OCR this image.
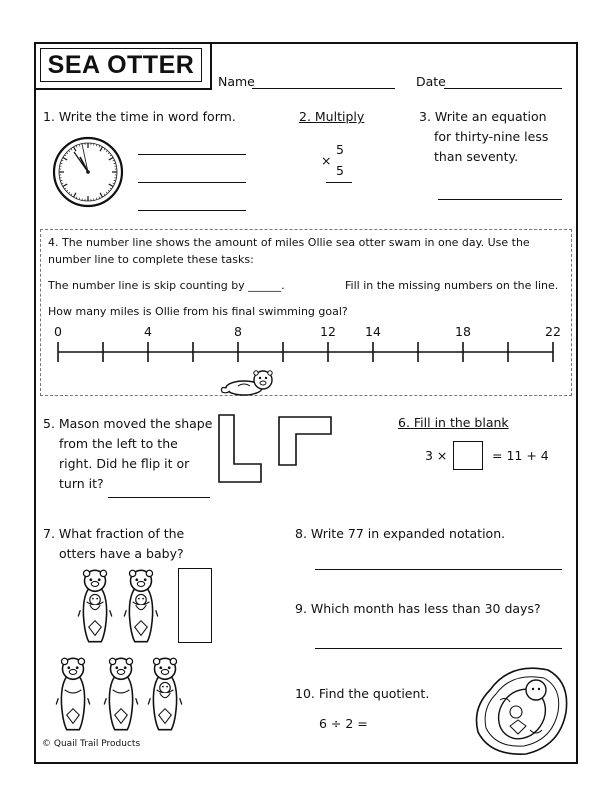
SEA OTTER
Name	Date
1. Write the time in word form.	2. Multiply
5
×
5
3. Write an equation
for thirty-nine less
than seventy.
4. The number line shows the amount of miles Ollie sea otter swam in one day. Use the
number line to complete these tasks:
The number line is skip counting by ______.	Fill in the missing numbers on the line.
How many miles is Ollie from his final swimming goal?
0	4	8	12	14	18	22
5. Mason moved the shape
from the left to the
right. Did he flip it or
turn it?
6. Fill in the blank
3 ×	= 11 + 4
7. What fraction of the
otters have a baby?
8. Write 77 in expanded notation.
9. Which month has less than 30 days?
10. Find the quotient.
6 ÷ 2 =
© Quail Trail Products
